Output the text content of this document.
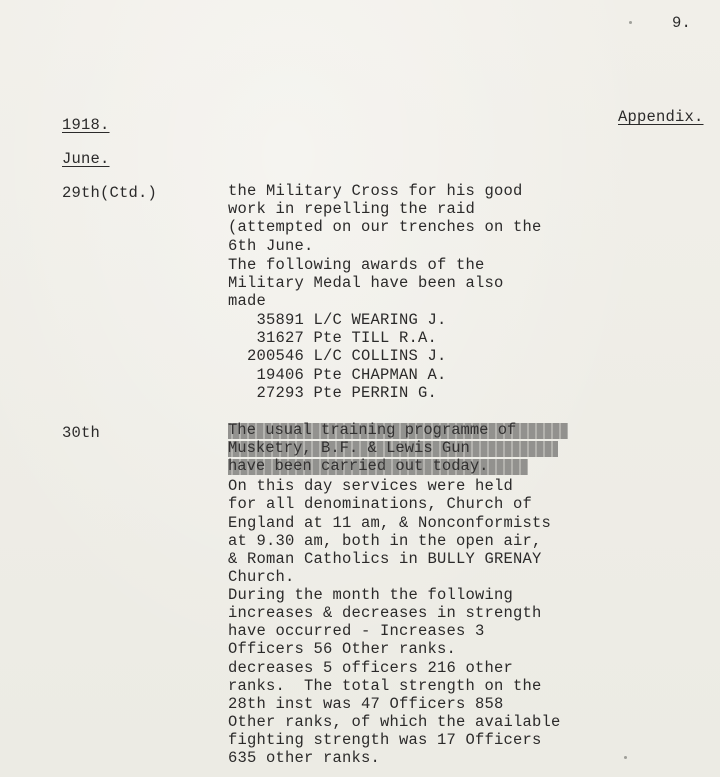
9.
1918.	Appendix.
June.
29th(Ctd.)	the Military Cross for his good
work in repelling the raid
(attempted on our trenches on the
6th June.
The following awards of the
Military Medal have been also
made
35891 L/C WEARING J.
31627 Pte TILL R.A.
200546 L/C COLLINS J.
19406 Pte CHAPMAN A.
27293 Pte PERRIN G.
30th
On this day services were held
for all denominations, Church of
England at 11 am, & Nonconformists
at 9.30 am, both in the open air,
& Roman Catholics in BULLY GRENAY
Church.
During the month the following
increases & decreases in strength
have occurred - Increases 3
Officers 56 Other ranks.
decreases 5 officers 216 other
ranks.  The total strength on the
28th inst was 47 Officers 858
Other ranks, of which the available
fighting strength was 17 Officers
635 other ranks.
